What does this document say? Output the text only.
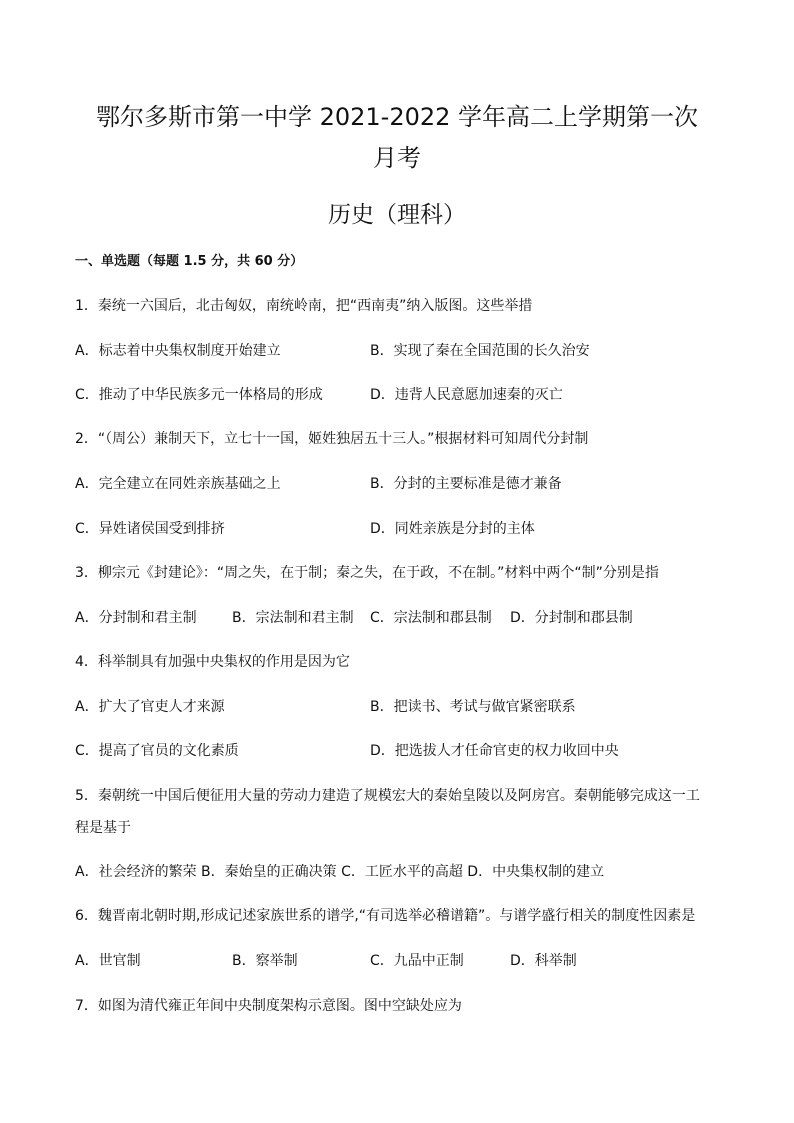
鄂尔多斯市第一中学 2021-2022 学年高二上学期第一次
月考
历史（理科）
一、单选题（每题 1.5 分，共 60 分）
1．秦统一六国后，北击匈奴，南统岭南，把“西南夷”纳入版图。这些举措
A．标志着中央集权制度开始建立	B．实现了秦在全国范围的长久治安
C．推动了中华民族多元一体格局的形成	D．违背人民意愿加速秦的灭亡
2．“（周公）兼制天下，立七十一国，姬姓独居五十三人。”根据材料可知周代分封制
A．完全建立在同姓亲族基础之上	B．分封的主要标准是德才兼备
C．异姓诸侯国受到排挤	D．同姓亲族是分封的主体
3．柳宗元《封建论》：“周之失，在于制；秦之失，在于政，不在制。”材料中两个“制”分别是指
A．分封制和君主制	B．宗法制和君主制 C．宗法制和郡县制 D．分封制和郡县制
4．科举制具有加强中央集权的作用是因为它
A．扩大了官吏人才来源	B．把读书、考试与做官紧密联系
C．提高了官员的文化素质	D．把选拔人才任命官吏的权力收回中央
5．秦朝统一中国后便征用大量的劳动力建造了规模宏大的秦始皇陵以及阿房宫。秦朝能够完成这一工
程是基于
A．社会经济的繁荣 B．秦始皇的正确决策 C．工匠水平的高超 D．中央集权制的建立
6．魏晋南北朝时期,形成记述家族世系的谱学,“有司选举必稽谱籍”。与谱学盛行相关的制度性因素是
A．世官制	B．察举制	C．九品中正制	D．科举制
7．如图为清代雍正年间中央制度架构示意图。图中空缺处应为
